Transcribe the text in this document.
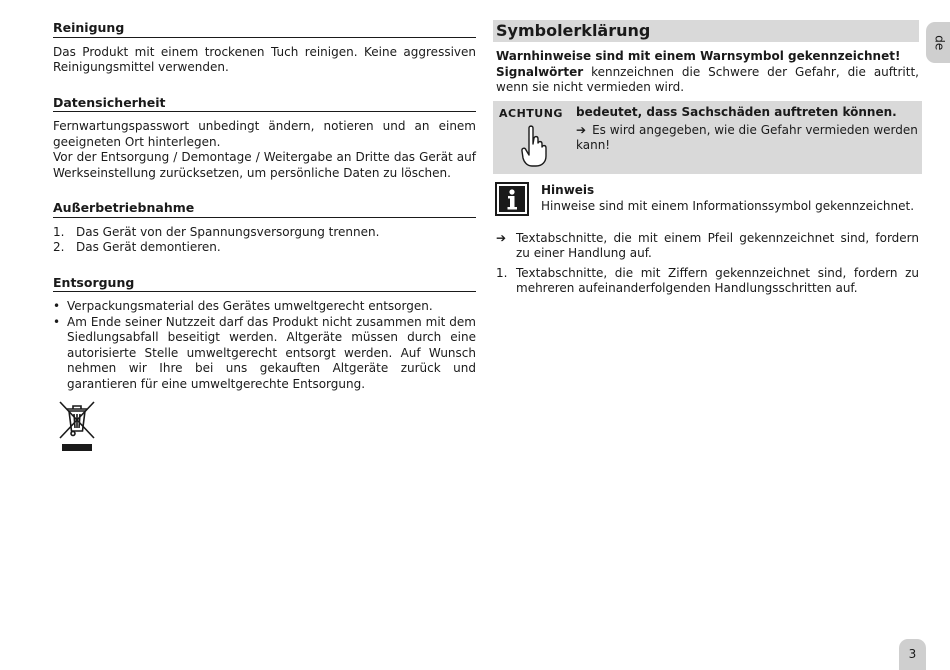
Reinigung

Das Produkt mit einem trockenen Tuch reinigen. Keine aggressiven Reinigungsmittel verwenden.

Datensicherheit

Fernwartungspasswort unbedingt ändern, notieren und an einem geeigneten Ort hinterlegen.

Vor der Entsorgung / Demontage / Weitergabe an Dritte das Gerät auf Werkseinstellung zurücksetzen, um persönliche Daten zu löschen.

Außerbetriebnahme
1. Das Gerät von der Spannungsversorgung trennen.
2. Das Gerät demontieren.
Entsorgung
• Verpackungsmaterial des Gerätes umweltgerecht entsorgen.
• Am Ende seiner Nutzzeit darf das Produkt nicht zusammen mit dem Siedlungsabfall beseitigt werden. Altgeräte müssen durch eine autorisierte Stelle umweltgerecht entsorgt werden. Auf Wunsch nehmen wir Ihre bei uns gekauften Altgeräte zurück und garantieren für eine umweltgerechte Entsorgung.
Symbolerklärung
Warnhinweise sind mit einem Warnsymbol gekennzeichnet!

Signalwörter kennzeichnen die Schwere der Gefahr, die auftritt, wenn sie nicht vermieden wird.

ACHTUNG bedeutet, dass Sachschäden auftreten können.
➔ Es wird angegeben, wie die Gefahr vermieden werden kann!
Hinweis
Hinweise sind mit einem Informationssymbol gekennzeichnet.
➔ Textabschnitte, die mit einem Pfeil gekennzeichnet sind, fordern zu einer Handlung auf.
1. Textabschnitte, die mit Ziffern gekennzeichnet sind, fordern zu mehreren aufeinanderfolgenden Handlungsschritten auf.
de
3
